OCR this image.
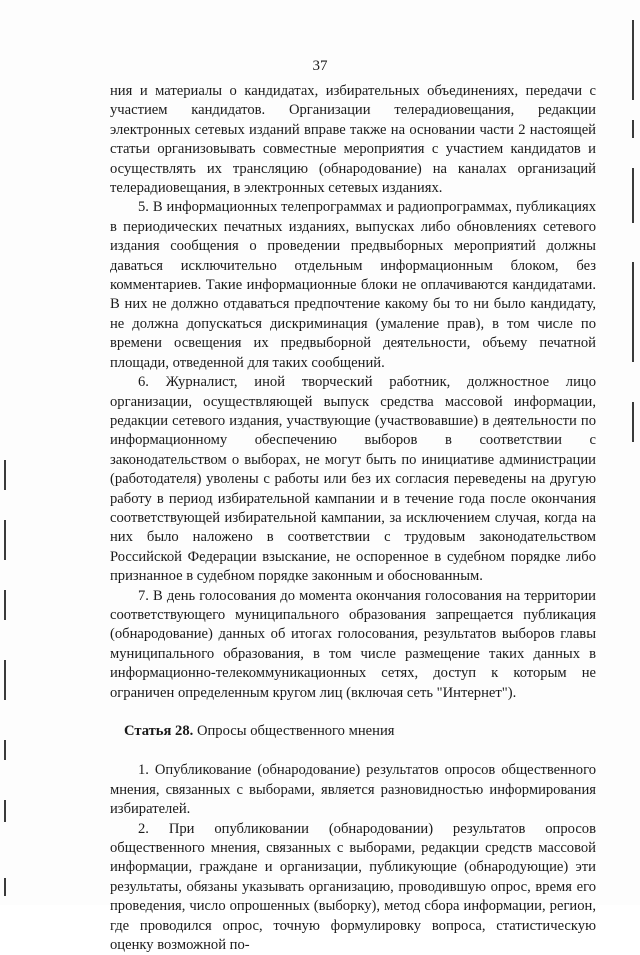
37

ния и материалы о кандидатах, избирательных объединениях, передачи с участием кандидатов. Организации телерадиовещания, редакции электронных сетевых изданий вправе также на основании части 2 настоящей статьи организовывать совместные мероприятия с участием кандидатов и осуществлять их трансляцию (обнародование) на каналах организаций телерадиовещания, в электронных сетевых изданиях.

5. В информационных телепрограммах и радиопрограммах, публикациях в периодических печатных изданиях, выпусках либо обновлениях сетевого издания сообщения о проведении предвыборных мероприятий должны даваться исключительно отдельным информационным блоком, без комментариев. Такие информационные блоки не оплачиваются кандидатами. В них не должно отдаваться предпочтение какому бы то ни было кандидату, не должна допускаться дискриминация (умаление прав), в том числе по времени освещения их предвыборной деятельности, объему печатной площади, отведенной для таких сообщений.

6. Журналист, иной творческий работник, должностное лицо организации, осуществляющей выпуск средства массовой информации, редакции сетевого издания, участвующие (участвовавшие) в деятельности по информационному обеспечению выборов в соответствии с законодательством о выборах, не могут быть по инициативе администрации (работодателя) уволены с работы или без их согласия переведены на другую работу в период избирательной кампании и в течение года после окончания соответствующей избирательной кампании, за исключением случая, когда на них было наложено в соответствии с трудовым законодательством Российской Федерации взыскание, не оспоренное в судебном порядке либо признанное в судебном порядке законным и обоснованным.

7. В день голосования до момента окончания голосования на территории соответствующего муниципального образования запрещается публикация (обнародование) данных об итогах голосования, результатов выборов главы муниципального образования, в том числе размещение таких данных в информационно-телекоммуникационных сетях, доступ к которым не ограничен определенным кругом лиц (включая сеть "Интернет").

Статья 28. Опросы общественного мнения

1. Опубликование (обнародование) результатов опросов общественного мнения, связанных с выборами, является разновидностью информирования избирателей.

2. При опубликовании (обнародовании) результатов опросов общественного мнения, связанных с выборами, редакции средств массовой информации, граждане и организации, публикующие (обнародующие) эти результаты, обязаны указывать организацию, проводившую опрос, время его проведения, число опрошенных (выборку), метод сбора информации, регион, где проводился опрос, точную формулировку вопроса, статистическую оценку возможной по-
